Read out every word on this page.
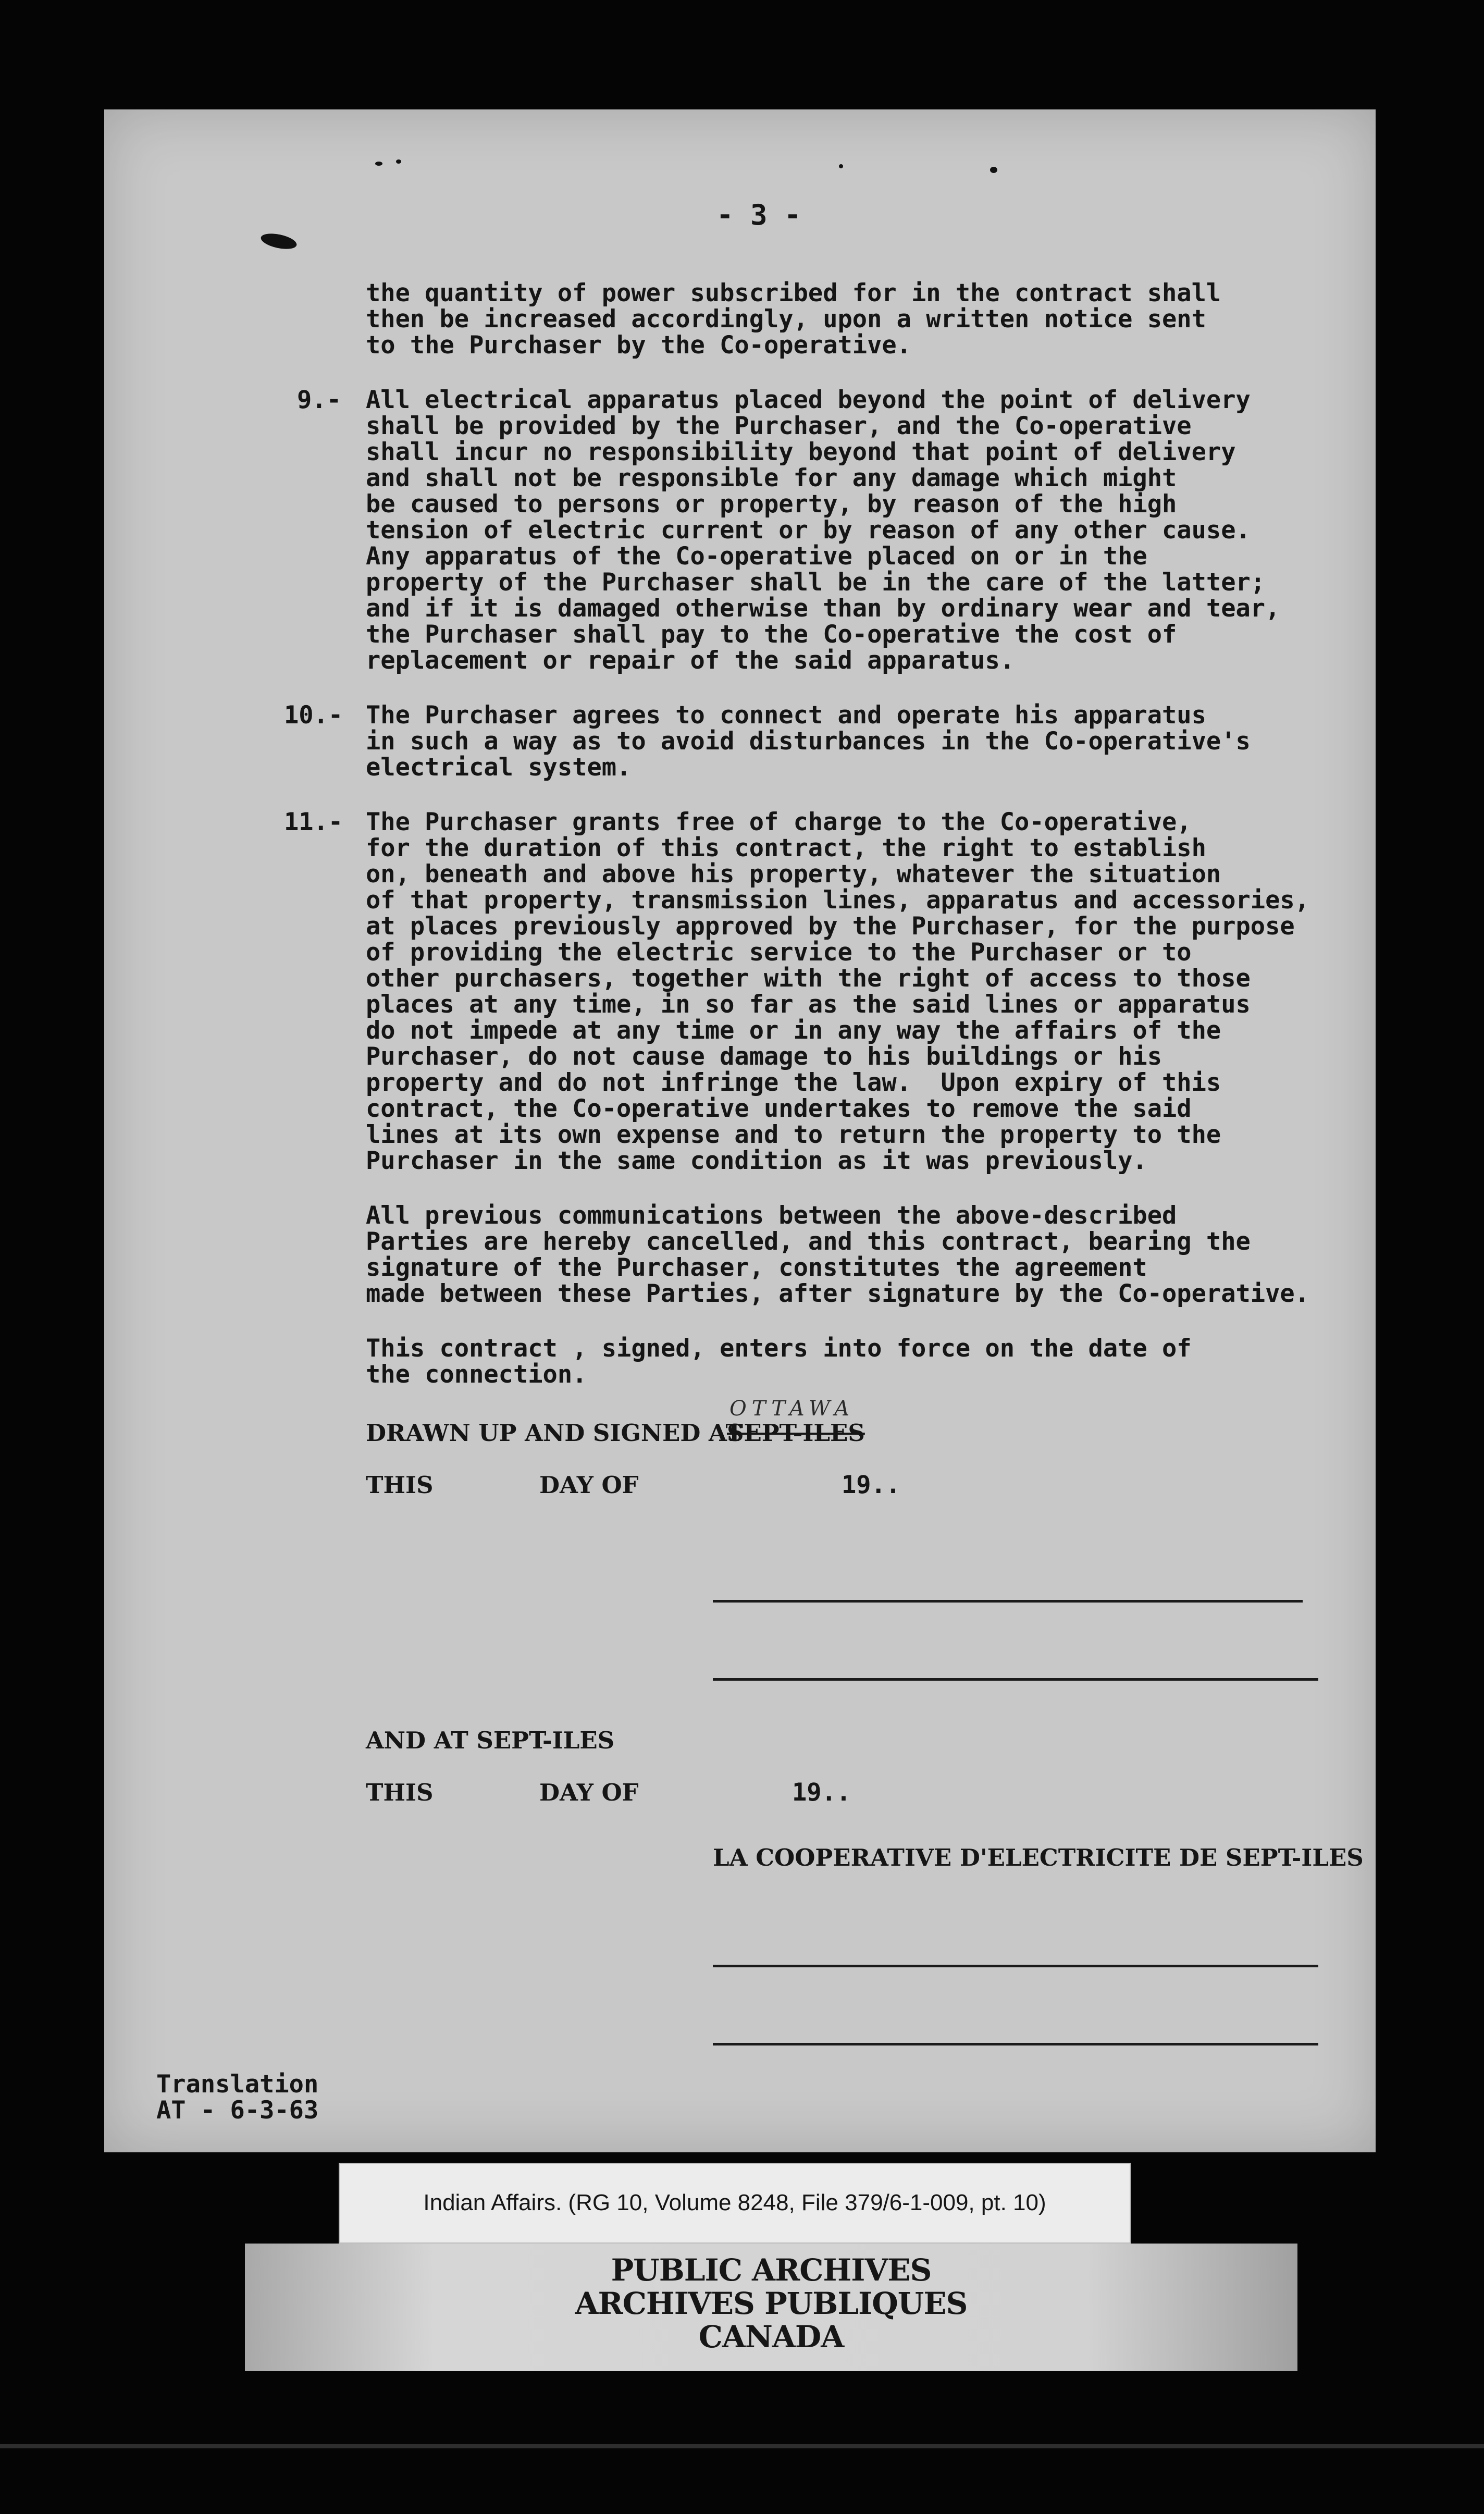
- 3 -
the quantity of power subscribed for in the contract shall
then be increased accordingly, upon a written notice sent
to the Purchaser by the Co-operative.
9.- All electrical apparatus placed beyond the point of delivery
shall be provided by the Purchaser, and the Co-operative
shall incur no responsibility beyond that point of delivery
and shall not be responsible for any damage which might
be caused to persons or property, by reason of the high
tension of electric current or by reason of any other cause.
Any apparatus of the Co-operative placed on or in the
property of the Purchaser shall be in the care of the latter;
and if it is damaged otherwise than by ordinary wear and tear,
the Purchaser shall pay to the Co-operative the cost of
replacement or repair of the said apparatus.
10.- The Purchaser agrees to connect and operate his apparatus
in such a way as to avoid disturbances in the Co-operative's
electrical system.
11.- The Purchaser grants free of charge to the Co-operative,
for the duration of this contract, the right to establish
on, beneath and above his property, whatever the situation
of that property, transmission lines, apparatus and accessories,
at places previously approved by the Purchaser, for the purpose
of providing the electric service to the Purchaser or to
other purchasers, together with the right of access to those
places at any time, in so far as the said lines or apparatus
do not impede at any time or in any way the affairs of the
Purchaser, do not cause damage to his buildings or his
property and do not infringe the law.  Upon expiry of this
contract, the Co-operative undertakes to remove the said
lines at its own expense and to return the property to the
Purchaser in the same condition as it was previously.
All previous communications between the above-described
Parties are hereby cancelled, and this contract, bearing the
signature of the Purchaser, constitutes the agreement
made between these Parties, after signature by the Co-operative.
This contract , signed, enters into force on the date of
the connection.
OTTAWA
DRAWN UP AND SIGNED AT
SEPT-ILES
THIS	DAY OF	19..
AND AT SEPT-ILES
THIS	DAY OF	19..
LA COOPERATIVE D'ELECTRICITE DE SEPT-ILES
Translation
AT - 6-3-63
Indian Affairs. (RG 10, Volume 8248, File 379/6-1-009, pt. 10)
PUBLIC ARCHIVES
ARCHIVES PUBLIQUES
CANADA
